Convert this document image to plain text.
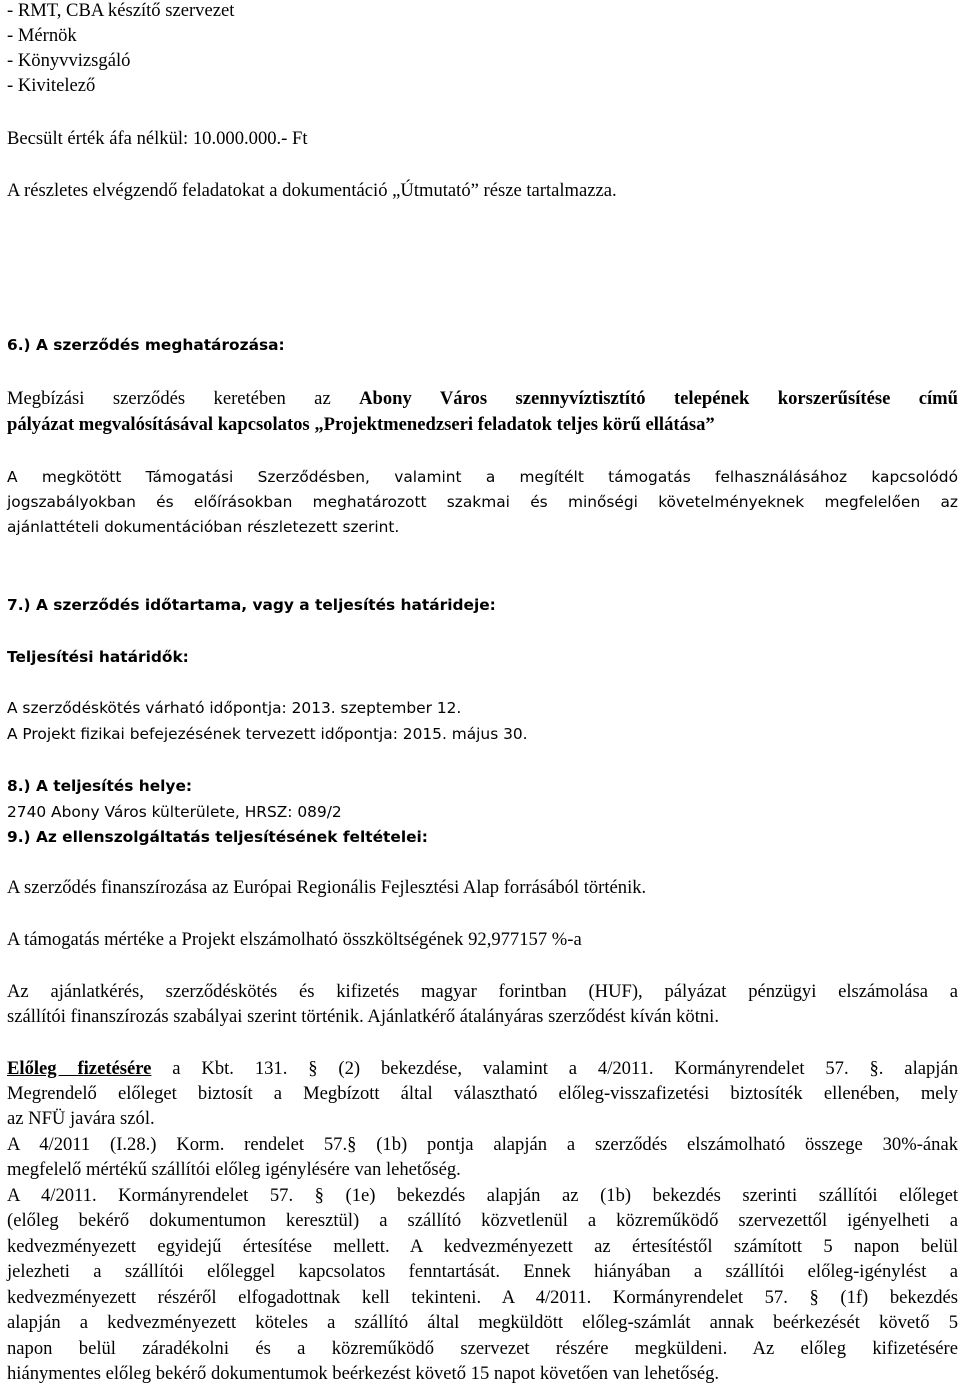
- RMT, CBA készítő szervezet
- Mérnök
- Könyvvizsgáló
- Kivitelező
Becsült érték áfa nélkül: 10.000.000.- Ft
A részletes elvégzendő feladatokat a dokumentáció „Útmutató” része tartalmazza.
6.) A szerződés meghatározása:
Megbízási szerződés keretében az Abony Város szennyvíztisztító telepének korszerűsítése című
pályázat megvalósításával kapcsolatos „Projektmenedzseri feladatok teljes körű ellátása”
A megkötött Támogatási Szerződésben, valamint a megítélt támogatás felhasználásához kapcsolódó
jogszabályokban és előírásokban meghatározott szakmai és minőségi követelményeknek megfelelően az
ajánlattételi dokumentációban részletezett szerint.
7.) A szerződés időtartama, vagy a teljesítés határideje:
Teljesítési határidők:
A szerződéskötés várható időpontja: 2013. szeptember 12.
A Projekt fizikai befejezésének tervezett időpontja: 2015. május 30.
8.) A teljesítés helye:
2740 Abony Város külterülete, HRSZ: 089/2
9.) Az ellenszolgáltatás teljesítésének feltételei:
A szerződés finanszírozása az Európai Regionális Fejlesztési Alap forrásából történik.
A támogatás mértéke a Projekt elszámolható összköltségének 92,977157 %-a
Az ajánlatkérés, szerződéskötés és kifizetés magyar forintban (HUF), pályázat pénzügyi elszámolása a
szállítói finanszírozás szabályai szerint történik. Ajánlatkérő átalányáras szerződést kíván kötni.
Előleg fizetésére a Kbt. 131. § (2) bekezdése, valamint a 4/2011. Kormányrendelet 57. §. alapján
Megrendelő előleget biztosít a Megbízott által választható előleg-visszafizetési biztosíték ellenében, mely
az NFÜ javára szól.
A 4/2011 (I.28.) Korm. rendelet 57.§ (1b) pontja alapján a szerződés elszámolható összege 30%-ának
megfelelő mértékű szállítói előleg igénylésére van lehetőség.
A 4/2011. Kormányrendelet 57. § (1e) bekezdés alapján az (1b) bekezdés szerinti szállítói előleget
(előleg bekérő dokumentumon keresztül) a szállító közvetlenül a közreműködő szervezettől igényelheti a
kedvezményezett egyidejű értesítése mellett. A kedvezményezett az értesítéstől számított 5 napon belül
jelezheti a szállítói előleggel kapcsolatos fenntartását. Ennek hiányában a szállítói előleg-igénylést a
kedvezményezett részéről elfogadottnak kell tekinteni. A 4/2011. Kormányrendelet 57. § (1f) bekezdés
alapján a kedvezményezett köteles a szállító által megküldött előleg-számlát annak beérkezését követő 5
napon belül záradékolni és a közreműködő szervezet részére megküldeni. Az előleg kifizetésére
hiánymentes előleg bekérő dokumentumok beérkezést követő 15 napot követően van lehetőség.
